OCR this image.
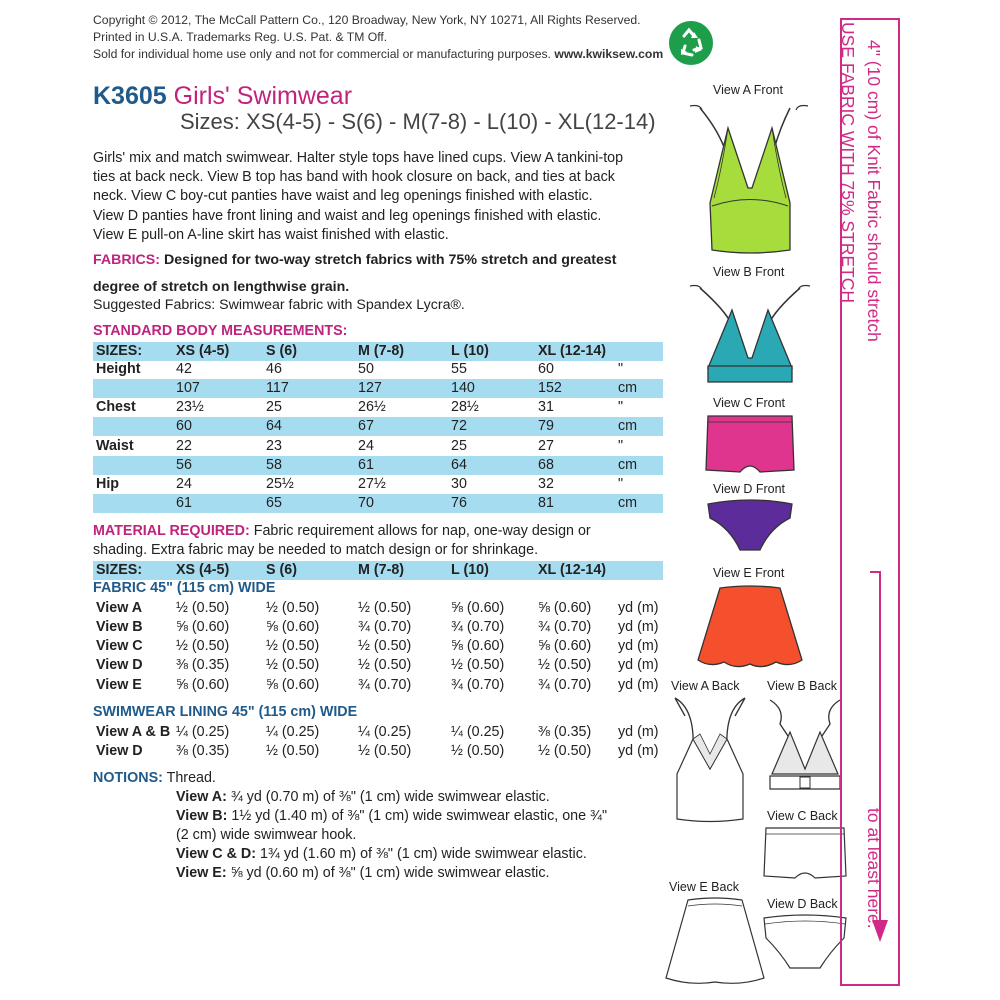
Copyright © 2012, The McCall Pattern Co., 120 Broadway, New York, NY 10271, All Rights Reserved.
Printed in U.S.A. Trademarks Reg. U.S. Pat. & TM Off.
Sold for individual home use only and not for commercial or manufacturing purposes. www.kwiksew.com
K3605 Girls' Swimwear
Sizes: XS(4-5) - S(6) - M(7-8) - L(10) - XL(12-14)
Girls' mix and match swimwear. Halter style tops have lined cups. View A tankini-top
ties at back neck. View B top has band with hook closure on back, and ties at back
neck. View C boy-cut panties have waist and leg openings finished with elastic.
View D panties have front lining and waist and leg openings finished with elastic.
View E pull-on A-line skirt has waist finished with elastic.
FABRICS: Designed for two-way stretch fabrics with 75% stretch and greatest
degree of stretch on lengthwise grain.
Suggested Fabrics: Swimwear fabric with Spandex Lycra®.
STANDARD BODY MEASUREMENTS:
SIZES: XS (4-5)	S (6)	M (7-8)	L (10)	XL (12-14)
Height 42	46	50	55	60	"
107	117	127	140	152	cm
Chest	23½	25	26½	28½	31	"
60	64	67	72	79	cm
Waist	22	23	24	25	27	"
56	58	61	64	68	cm
Hip	24	25½	27½	30	32	"
61	65	70	76	81	cm
MATERIAL REQUIRED: Fabric requirement allows for nap, one-way design or
shading. Extra fabric may be needed to match design or for shrinkage.
SIZES: XS (4-5)	S (6)	M (7-8)	L (10)	XL (12-14)
FABRIC 45" (115 cm) WIDE
View A ½ (0.50)	½ (0.50)	½ (0.50)	⅝ (0.60) ⅝ (0.60) yd (m)
View B ⅝ (0.60)	⅝ (0.60)	¾ (0.70)	¾ (0.70) ¾ (0.70) yd (m)
View C ½ (0.50)	½ (0.50)	½ (0.50)	⅝ (0.60) ⅝ (0.60) yd (m)
View D ⅜ (0.35)	½ (0.50)	½ (0.50)	½ (0.50) ½ (0.50) yd (m)
View E ⅝ (0.60)	⅝ (0.60)	¾ (0.70)	¾ (0.70) ¾ (0.70) yd (m)
SWIMWEAR LINING 45" (115 cm) WIDE
View A & B ¼ (0.25)	¼ (0.25)	¼ (0.25)	¼ (0.25) ⅜ (0.35) yd (m)
View D ⅜ (0.35)	½ (0.50)	½ (0.50)	½ (0.50) ½ (0.50) yd (m)
NOTIONS: Thread.
View A: ¾ yd (0.70 m) of ⅜" (1 cm) wide swimwear elastic.
View B: 1½ yd (1.40 m) of ⅜" (1 cm) wide swimwear elastic, one ¾"
(2 cm) wide swimwear hook.
View C & D: 1¾ yd (1.60 m) of ⅜" (1 cm) wide swimwear elastic.
View E: ⅝ yd (0.60 m) of ⅜" (1 cm) wide swimwear elastic.
View A Front
View B Front
View C Front
View D Front
View E Front
View A Back View B Back
View C Back
View E Back
View D Back
USE FABRIC WITH 75% STRETCH 4" (10 cm) of Knit Fabric should stretch
to at least here.
